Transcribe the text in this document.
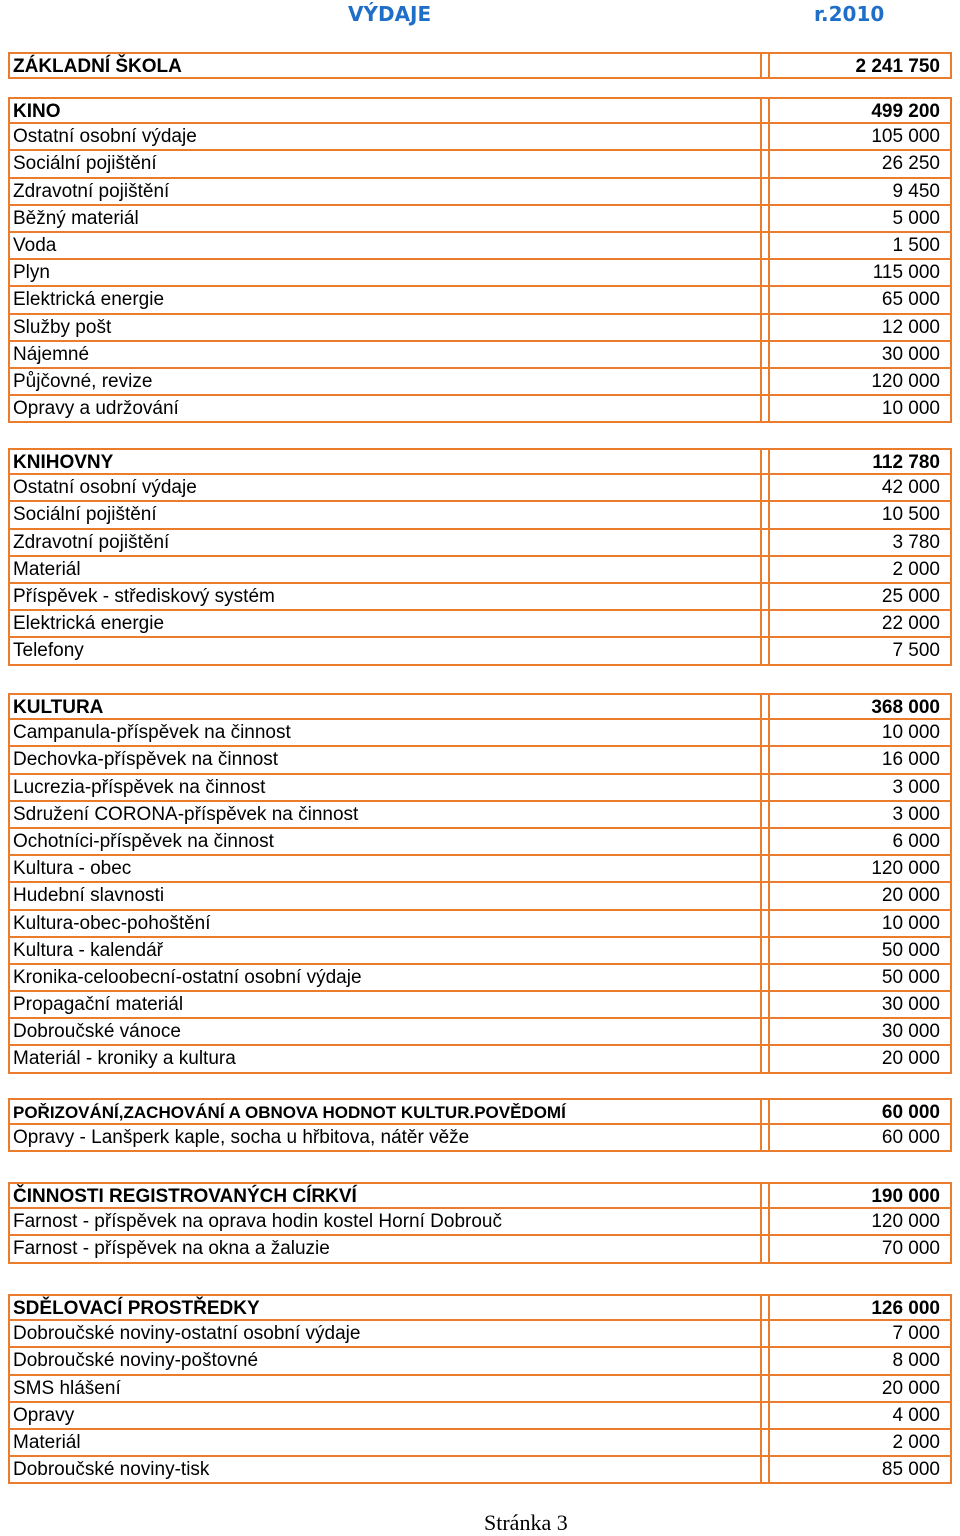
VÝDAJE	r.2010
ZÁKLADNÍ ŠKOLA	2 241 750
KINO	499 200
Ostatní osobní výdaje	105 000
Sociální pojištění	26 250
Zdravotní pojištění	9 450
Běžný materiál	5 000
Voda	1 500
Plyn	115 000
Elektrická energie	65 000
Služby pošt	12 000
Nájemné	30 000
Půjčovné, revize	120 000
Opravy a udržování	10 000
KNIHOVNY	112 780
Ostatní osobní výdaje	42 000
Sociální pojištění	10 500
Zdravotní pojištění	3 780
Materiál	2 000
Příspěvek - střediskový systém	25 000
Elektrická energie	22 000
Telefony	7 500
KULTURA	368 000
Campanula-příspěvek na činnost	10 000
Dechovka-příspěvek na činnost	16 000
Lucrezia-příspěvek na činnost	3 000
Sdružení CORONA-příspěvek na činnost	3 000
Ochotníci-příspěvek na činnost	6 000
Kultura - obec	120 000
Hudební slavnosti	20 000
Kultura-obec-pohoštění	10 000
Kultura - kalendář	50 000
Kronika-celoobecní-ostatní osobní výdaje	50 000
Propagační materiál	30 000
Dobroučské vánoce	30 000
Materiál - kroniky a kultura	20 000
POŘIZOVÁNÍ,ZACHOVÁNÍ A OBNOVA HODNOT KULTUR.POVĚDOMÍ	60 000
Opravy - Lanšperk kaple, socha u hřbitova, nátěr věže	60 000
ČINNOSTI REGISTROVANÝCH CÍRKVÍ	190 000
Farnost - příspěvek na oprava hodin kostel Horní Dobrouč	120 000
Farnost - příspěvek na okna a žaluzie	70 000
SDĚLOVACÍ PROSTŘEDKY	126 000
Dobroučské noviny-ostatní osobní výdaje	7 000
Dobroučské noviny-poštovné	8 000
SMS hlášení	20 000
Opravy	4 000
Materiál	2 000
Dobroučské noviny-tisk	85 000
Stránka 3
